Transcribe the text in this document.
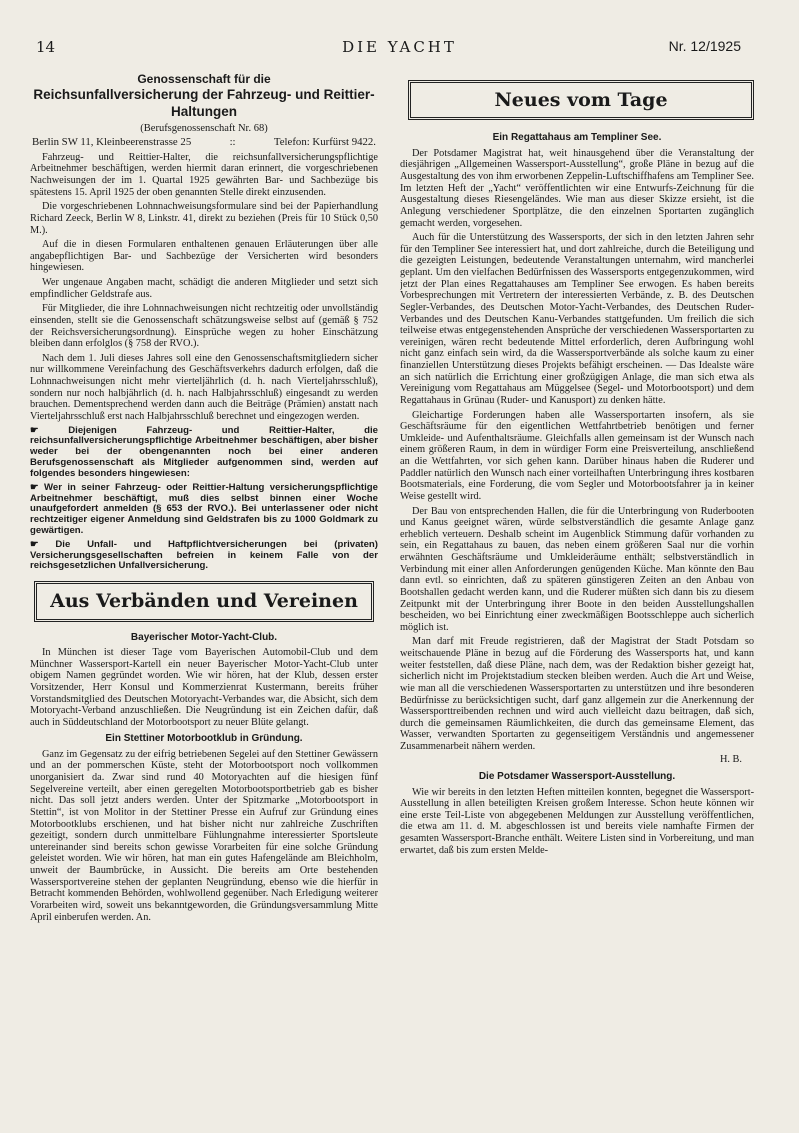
14	DIE YACHT	Nr. 12/1925
Genossenschaft für die
Reichsunfallversicherung der Fahrzeug- und Reittier-
Haltungen
(Berufsgenossenschaft Nr. 68)
Berlin SW 11, Kleinbeerenstrasse 25	::	Telefon: Kurfürst 9422.

Fahrzeug- und Reittier-Halter, die reichsunfallversicherungspflichtige Arbeitnehmer beschäftigen, werden hiermit daran erinnert, die vorgeschriebenen Nachweisungen der im 1. Quartal 1925 gewährten Bar- und Sachbezüge bis spätestens 15. April 1925 der oben genannten Stelle direkt einzusenden.

Die vorgeschriebenen Lohnnachweisungsformulare sind bei der Papierhandlung Richard Zeeck, Berlin W 8, Linkstr. 41, direkt zu beziehen (Preis für 10 Stück 0,50 M.).

Auf die in diesen Formularen enthaltenen genauen Erläuterungen über alle angabepflichtigen Bar- und Sachbezüge der Versicherten wird besonders hingewiesen.

Wer ungenaue Angaben macht, schädigt die anderen Mitglieder und setzt sich empfindlicher Geldstrafe aus.

Für Mitglieder, die ihre Lohnnachweisungen nicht rechtzeitig oder unvollständig einsenden, stellt sie die Genossenschaft schätzungsweise selbst auf (gemäß § 752 der Reichsversicherungsordnung). Einsprüche wegen zu hoher Einschätzung bleiben dann erfolglos (§ 758 der RVO.).

Nach dem 1. Juli dieses Jahres soll eine den Genossenschaftsmitgliedern sicher nur willkommene Vereinfachung des Geschäftsverkehrs dadurch erfolgen, daß die Lohnnachweisungen nicht mehr vierteljährlich (d. h. nach Vierteljahrsschluß), sondern nur noch halbjährlich (d. h. nach Halbjahrsschluß) eingesandt zu werden brauchen. Dementsprechend werden dann auch die Beiträge (Prämien) anstatt nach Vierteljahrsschluß erst nach Halbjahrsschluß berechnet und eingezogen werden.

☛ Diejenigen Fahrzeug- und Reittier-Halter, die reichsunfallversicherungspflichtige Arbeitnehmer beschäftigen, aber bisher weder bei der obengenannten noch bei einer anderen Berufsgenossenschaft als Mitglieder aufgenommen sind, werden auf folgendes besonders hingewiesen:

☛ Wer in seiner Fahrzeug- oder Reittier-Haltung versicherungspflichtige Arbeitnehmer beschäftigt, muß dies selbst binnen einer Woche unaufgefordert anmelden (§ 653 der RVO.). Bei unterlassener oder nicht rechtzeitiger eigener Anmeldung sind Geldstrafen bis zu 1000 Goldmark zu gewärtigen.

☛ Die Unfall- und Haftpflichtversicherungen bei (privaten) Versicherungsgesellschaften befreien in keinem Falle von der reichsgesetzlichen Unfallversicherung.

Aus Verbänden und Vereinen
Bayerischer Motor-Yacht-Club.

In München ist dieser Tage vom Bayerischen Automobil-Club und dem Münchner Wassersport-Kartell ein neuer Bayerischer Motor-Yacht-Club unter obigem Namen gegründet worden. Wie wir hören, hat der Klub, dessen erster Vorsitzender, Herr Konsul und Kommerzienrat Kustermann, bereits früher Vorstandsmitglied des Deutschen Motoryacht-Verbandes war, die Absicht, sich dem Motoryacht-Verband anzuschließen. Die Neugründung ist ein Zeichen dafür, daß auch in Süddeutschland der Motorbootsport zu neuer Blüte gelangt.

Ein Stettiner Motorbootklub in Gründung.

Ganz im Gegensatz zu der eifrig betriebenen Segelei auf den Stettiner Gewässern und an der pommerschen Küste, steht der Motorbootsport noch vollkommen unorganisiert da. Zwar sind rund 40 Motoryachten auf die hiesigen fünf Segelvereine verteilt, aber einen geregelten Motorbootsportbetrieb gab es bisher nicht. Das soll jetzt anders werden. Unter der Spitzmarke „Motorbootsport in Stettin“, ist von Molitor in der Stettiner Presse ein Aufruf zur Gründung eines Motorbootklubs erschienen, und hat bisher nicht nur zahlreiche Zuschriften gezeitigt, sondern durch unmittelbare Fühlungnahme interessierter Sportsleute untereinander sind bereits schon gewisse Vorarbeiten für eine solche Gründung geleistet worden. Wie wir hören, hat man ein gutes Hafengelände am Bleichholm, unweit der Baumbrücke, in Aussicht. Die bereits am Orte bestehenden Wassersportvereine stehen der geplanten Neugründung, ebenso wie die hierfür in Betracht kommenden Behörden, wohlwollend gegenüber. Nach Erledigung weiterer Vorarbeiten wird, soweit uns bekanntgeworden, die Gründungsversammlung Mitte April einberufen werden. An.

Neues vom Tage
Ein Regattahaus am Templiner See.

Der Potsdamer Magistrat hat, weit hinausgehend über die Veranstaltung der diesjährigen „Allgemeinen Wassersport-Ausstellung“, große Pläne in bezug auf die Ausgestaltung des von ihm erworbenen Zeppelin-Luftschiffhafens am Templiner See. Im letzten Heft der „Yacht“ veröffentlichten wir eine Entwurfs-Zeichnung für die Ausgestaltung dieses Riesengeländes. Wie man aus dieser Skizze ersieht, ist die Anlegung verschiedener Sportplätze, die den einzelnen Sportarten zugänglich gemacht werden, vorgesehen.

Auch für die Unterstützung des Wassersports, der sich in den letzten Jahren sehr für den Templiner See interessiert hat, und dort zahlreiche, durch die Beteiligung und die gezeigten Leistungen, bedeutende Veranstaltungen unternahm, wird mancherlei geplant. Um den vielfachen Bedürfnissen des Wassersports entgegenzukommen, wird jetzt der Plan eines Regattahauses am Templiner See erwogen. Es haben bereits Vorbesprechungen mit Vertretern der interessierten Verbände, z. B. des Deutschen Segler-Verbandes, des Deutschen Motor-Yacht-Verbandes, des Deutschen Ruder-Verbandes und des Deutschen Kanu-Verbandes stattgefunden. Um freilich die sich teilweise etwas entgegenstehenden Ansprüche der verschiedenen Wassersportarten zu vereinigen, wären recht bedeutende Mittel erforderlich, deren Aufbringung wohl nicht ganz einfach sein wird, da die Wassersportverbände als solche kaum zu einer finanziellen Unterstützung dieses Projekts befähigt erscheinen. — Das Idealste wäre an sich natürlich die Errichtung einer großzügigen Anlage, die man sich etwa als Vereinigung vom Regattahaus am Müggelsee (Segel- und Motorbootsport) und dem Regattahaus in Grünau (Ruder- und Kanusport) zu denken hätte.

Gleichartige Forderungen haben alle Wassersportarten insofern, als sie Geschäftsräume für den eigentlichen Wettfahrtbetrieb benötigen und ferner Umkleide- und Aufenthaltsräume. Gleichfalls allen gemeinsam ist der Wunsch nach einem größeren Raum, in dem in würdiger Form eine Preisverteilung, anschließend an die Wettfahrten, vor sich gehen kann. Darüber hinaus haben die Ruderer und Paddler natürlich den Wunsch nach einer vorteilhaften Unterbringung ihres kostbaren Bootsmaterials, eine Forderung, die vom Segler und Motorbootsfahrer ja in keiner Weise gestellt wird.

Der Bau von entsprechenden Hallen, die für die Unterbringung von Ruderbooten und Kanus geeignet wären, würde selbstverständlich die gesamte Anlage ganz erheblich verteuern. Deshalb scheint im Augenblick Stimmung dafür vorhanden zu sein, ein Regattahaus zu bauen, das neben einem größeren Saal nur die vorhin erwähnten Geschäftsräume und Umkleideräume enthält; selbstverständlich in Verbindung mit einer allen Anforderungen genügenden Küche. Man könnte den Bau dann evtl. so einrichten, daß zu späteren günstigeren Zeiten an den Anbau von Bootshallen gedacht werden kann, und die Ruderer müßten sich dann bis zu diesem Zeitpunkt mit der Unterbringung ihrer Boote in den beiden Ausstellungshallen bescheiden, wo bei Einrichtung einer zweckmäßigen Bootsschleppe auch sicherlich möglich ist.

Man darf mit Freude registrieren, daß der Magistrat der Stadt Potsdam so weitschauende Pläne in bezug auf die Förderung des Wassersports hat, und kann weiter feststellen, daß diese Pläne, nach dem, was der Redaktion bisher gezeigt hat, sicherlich nicht im Projektstadium stecken bleiben werden. Auch die Art und Weise, wie man all die verschiedenen Wassersportarten zu unterstützen und ihre besonderen Bedürfnisse zu berücksichtigen sucht, darf ganz allgemein zur die Anerkennung der Wassersporttreibenden rechnen und wird auch vielleicht dazu beitragen, daß sich, durch die gemeinsamen Räumlichkeiten, die durch das gemeinsame Element, das Wasser, verwandten Sportarten zu gegenseitigem Verständnis und angemessener Zusammenarbeit nähern werden.

H. B.
Die Potsdamer Wassersport-Ausstellung.

Wie wir bereits in den letzten Heften mitteilen konnten, begegnet die Wassersport-Ausstellung in allen beteiligten Kreisen großem Interesse. Schon heute können wir eine erste Teil-Liste von abgegebenen Meldungen zur Ausstellung veröffentlichen, die etwa am 11. d. M. abgeschlossen ist und bereits viele namhafte Firmen der gesamten Wassersport-Branche enthält. Weitere Listen sind in Vorbereitung, und man erwartet, daß bis zum ersten Melde-
